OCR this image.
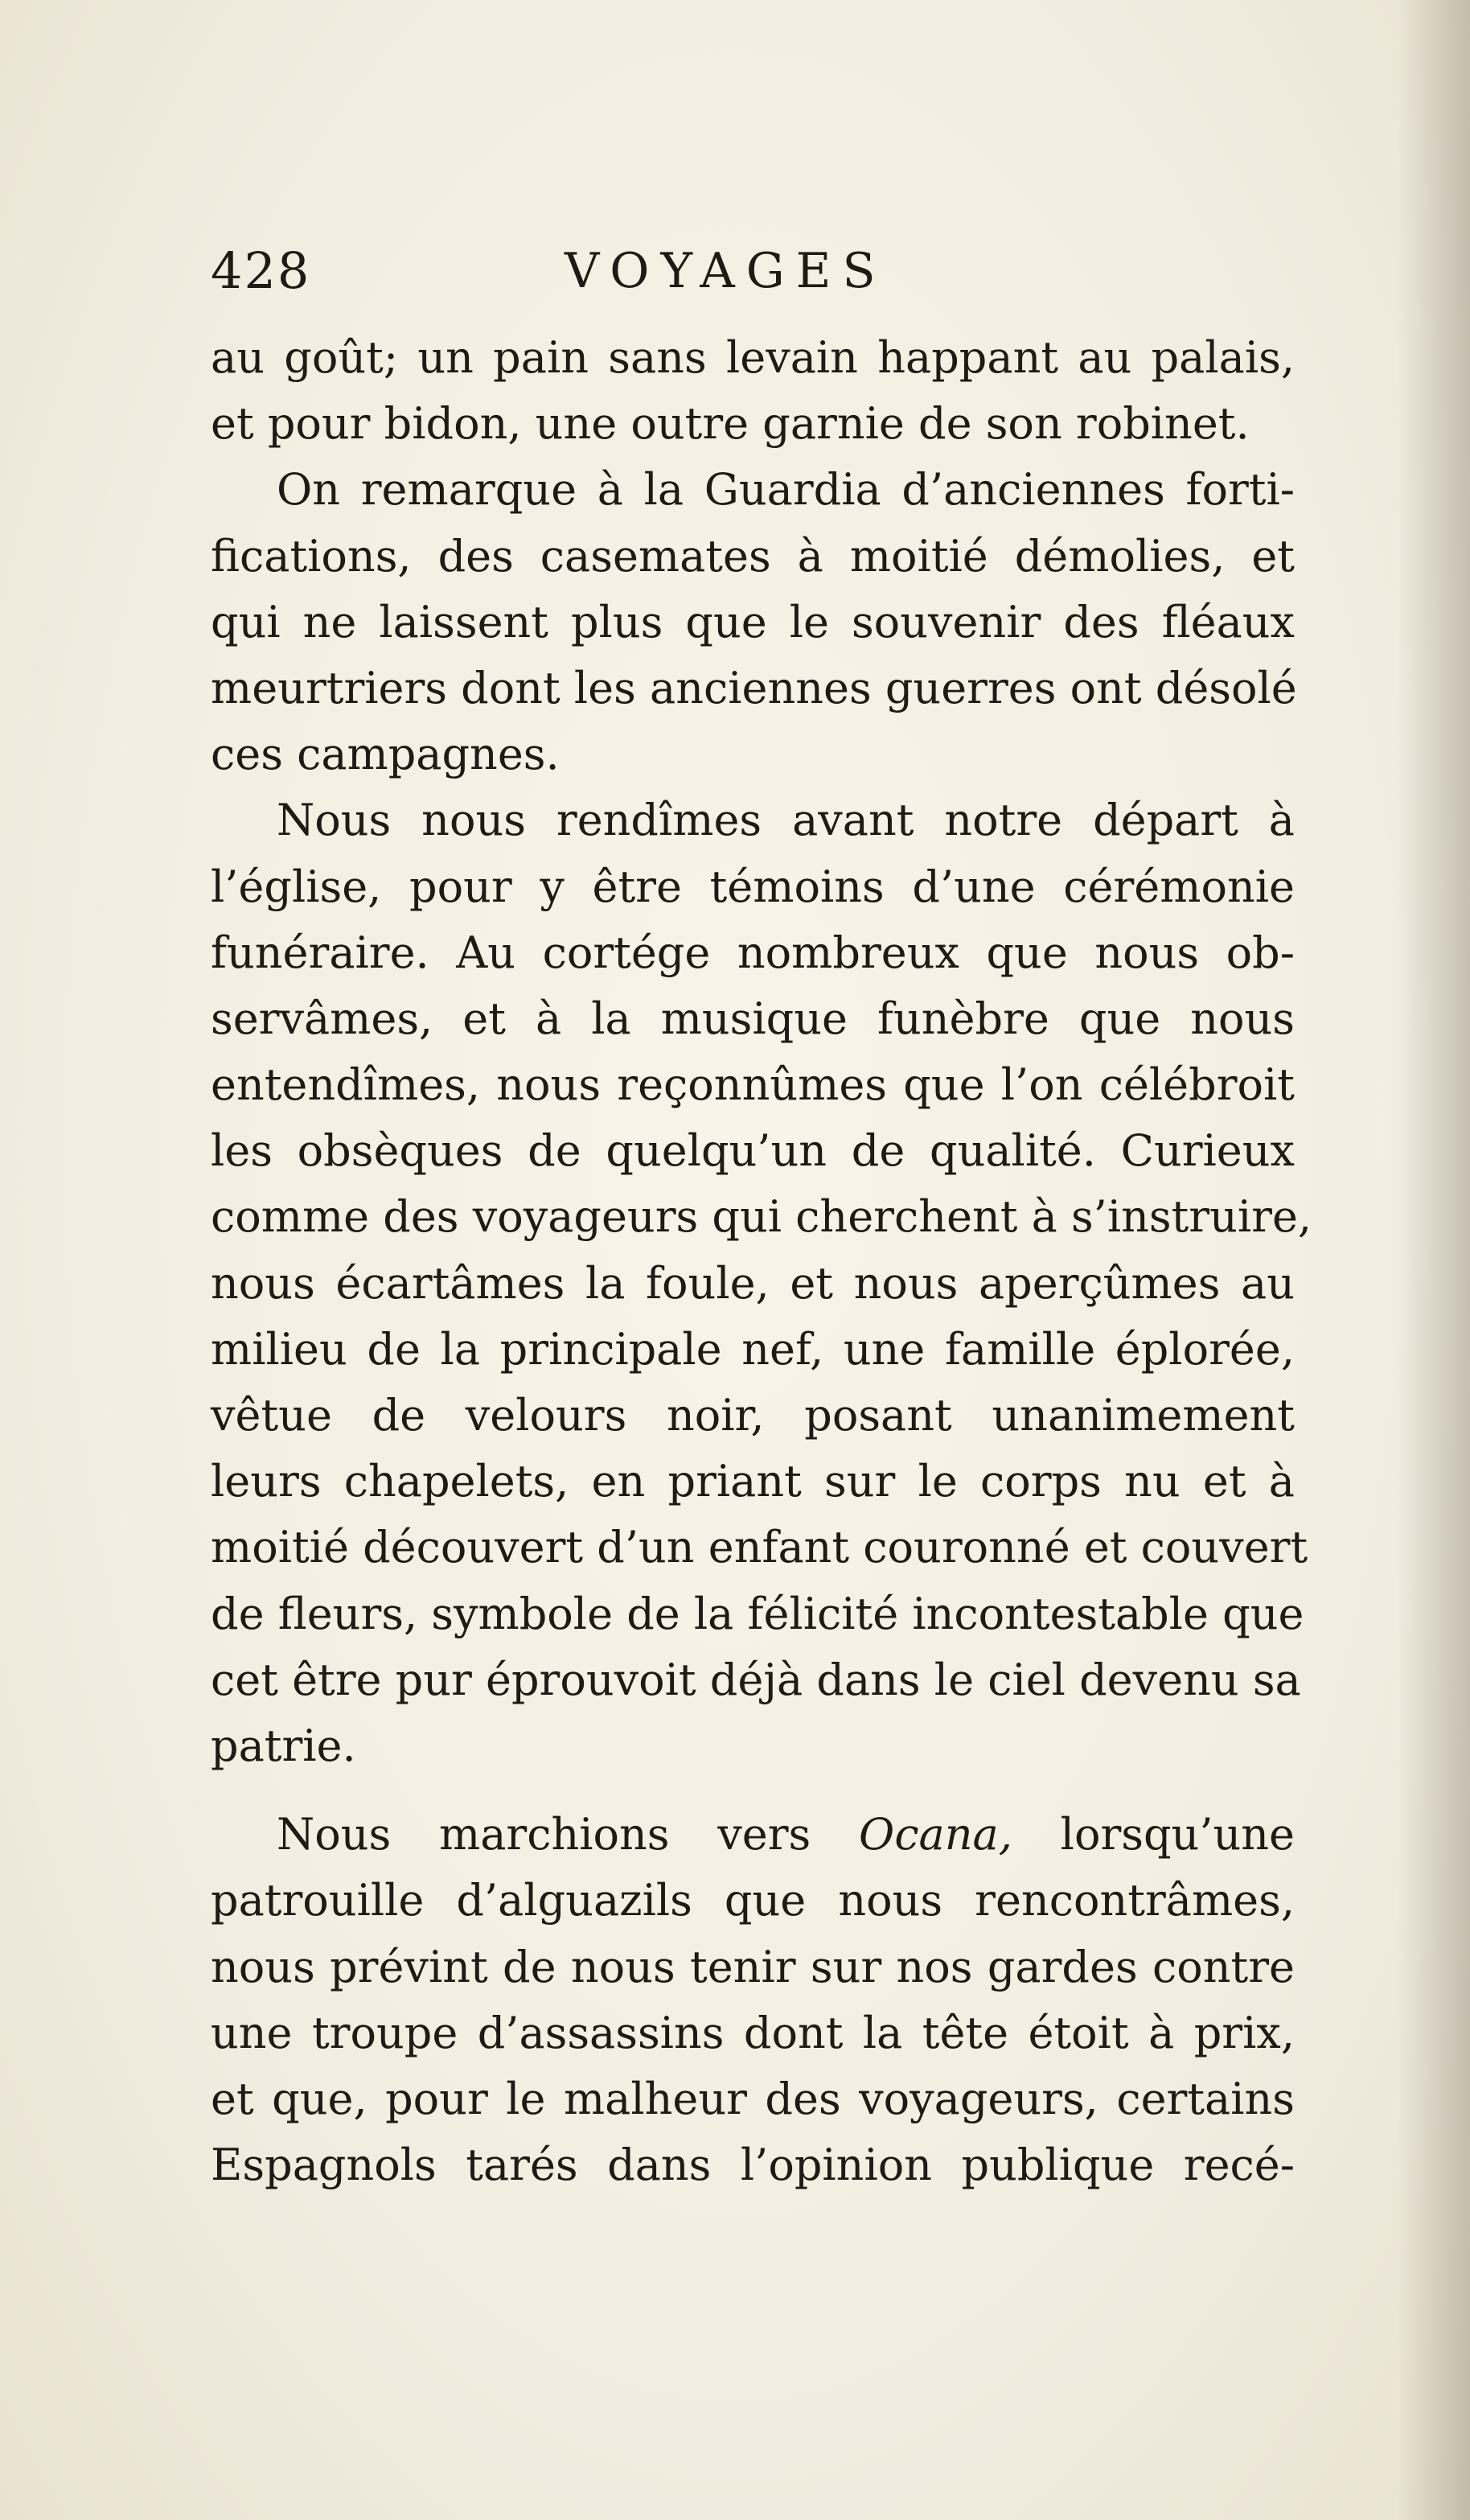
428	VOYAGES
au goût; un pain sans levain happant au palais,
et pour bidon, une outre garnie de son robinet.
On remarque à la Guardia d’anciennes forti-
fications, des casemates à moitié démolies, et
qui ne laissent plus que le souvenir des fléaux
meurtriers dont les anciennes guerres ont désolé
ces campagnes.
Nous nous rendîmes avant notre départ à
l’église, pour y être témoins d’une cérémonie
funéraire. Au cortége nombreux que nous ob-
servâmes, et à la musique funèbre que nous
entendîmes, nous reçonnûmes que l’on célébroit
les obsèques de quelqu’un de qualité. Curieux
comme des voyageurs qui cherchent à s’instruire,
nous écartâmes la foule, et nous aperçûmes au
milieu de la principale nef, une famille éplorée,
vêtue de velours noir, posant unanimement
leurs chapelets, en priant sur le corps nu et à
moitié découvert d’un enfant couronné et couvert
de fleurs, symbole de la félicité incontestable que
cet être pur éprouvoit déjà dans le ciel devenu sa
patrie.
Nous marchions vers Ocana, lorsqu’une
patrouille d’alguazils que nous rencontrâmes,
nous prévint de nous tenir sur nos gardes contre
une troupe d’assassins dont la tête étoit à prix,
et que, pour le malheur des voyageurs, certains
Espagnols tarés dans l’opinion publique recé-
